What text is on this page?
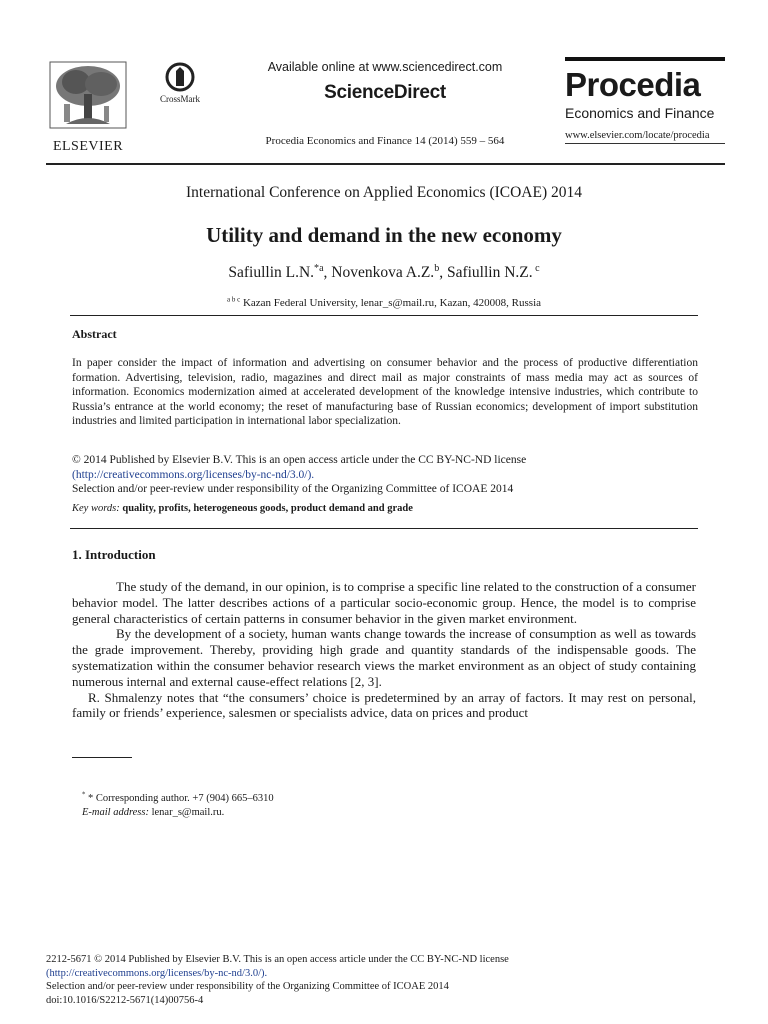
ELSEVIER
CrossMark
Available online at www.sciencedirect.com
ScienceDirect
Procedia Economics and Finance 14 (2014) 559 – 564
Procedia
Economics and Finance
www.elsevier.com/locate/procedia
International Conference on Applied Economics (ICOAE) 2014
Utility and demand in the new economy
Safiullin L.N.$^{*a}$, Novenkova A.Z.$^b$, Safiullin N.Z. $^c$
$^{a b c}$ Kazan Federal University, lenar_s@mail.ru, Kazan, 420008, Russia
Abstract
In paper consider the impact of information and advertising on consumer behavior and the process of productive differentiation formation. Advertising, television, radio, magazines and direct mail as major constraints of mass media may act as sources of information. Economics modernization aimed at accelerated development of the knowledge intensive industries, which contribute to Russia’s entrance at the world economy; the reset of manufacturing base of Russian economics; development of import substitution industries and limited participation in international labor specialization.
© 2014 Published by Elsevier B.V. This is an open access article under the CC BY-NC-ND license
(http://creativecommons.org/licenses/by-nc-nd/3.0/).
Selection and/or peer-review under responsibility of the Organizing Committee of ICOAE 2014
Key words: quality, profits, heterogeneous goods, product demand and grade
1. Introduction

The study of the demand, in our opinion, is to comprise a specific line related to the construction of a consumer behavior model. The latter describes actions of a particular socio-economic group. Hence, the model is to comprise general characteristics of certain patterns in consumer behavior in the given market environment.

By the development of a society, human wants change towards the increase of consumption as well as towards the grade improvement. Thereby, providing high grade and quantity standards of the indispensable goods. The systematization within the consumer behavior research views the market environment as an object of study containing numerous internal and external cause-effect relations [2, 3].

R. Shmalenzy notes that “the consumers’ choice is predetermined by an array of factors. It may rest on personal, family or friends’ experience, salesmen or specialists advice, data on prices and product

* * Corresponding author. +7 (904) 665–6310
E-mail address: lenar_s@mail.ru.
2212-5671 © 2014 Published by Elsevier B.V. This is an open access article under the CC BY-NC-ND license
(http://creativecommons.org/licenses/by-nc-nd/3.0/).
Selection and/or peer-review under responsibility of the Organizing Committee of ICOAE 2014
doi:10.1016/S2212-5671(14)00756-4
